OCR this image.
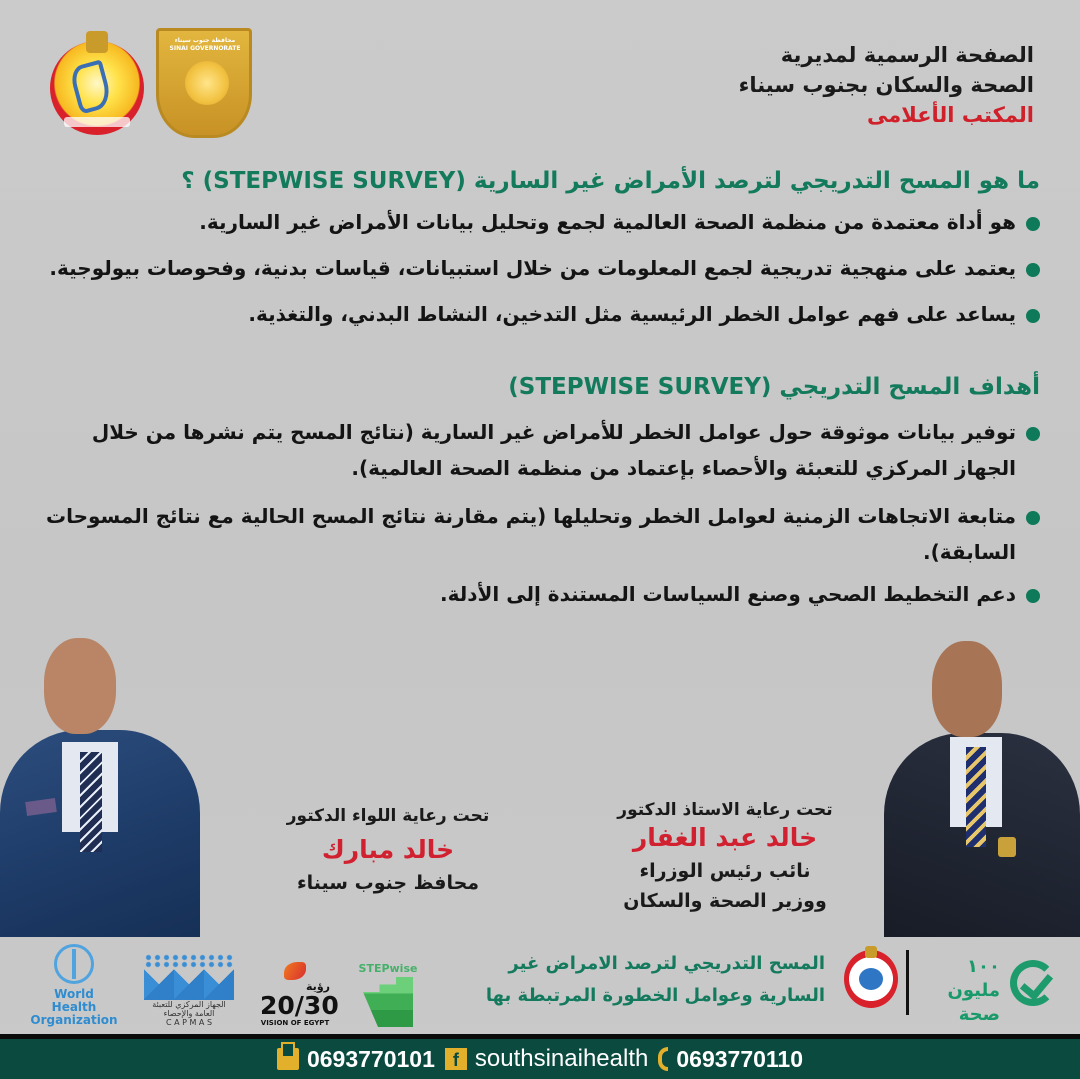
الصفحة الرسمية لمديرية
الصحة والسكان بجنوب سيناء
المكتب الأعلامى
محافظة جنوب سيناء SINAI GOVERNORATE
ما هو المسح التدريجي لترصد الأمراض غير السارية (STEPWISE SURVEY) ؟
هو أداة معتمدة من منظمة الصحة العالمية لجمع وتحليل بيانات الأمراض غير السارية.
يعتمد على منهجية تدريجية لجمع المعلومات من خلال استبيانات، قياسات بدنية، وفحوصات بيولوجية.
يساعد على فهم عوامل الخطر الرئيسية مثل التدخين، النشاط البدني، والتغذية.
أهداف المسح التدريجي (STEPWISE SURVEY)
توفير بيانات موثوقة حول عوامل الخطر للأمراض غير السارية (نتائج المسح يتم نشرها من خلال الجهاز المركزي للتعبئة والأحصاء بإعتماد من منظمة الصحة العالمية).
متابعة الاتجاهات الزمنية لعوامل الخطر وتحليلها (يتم مقارنة نتائج المسح الحالية مع نتائج المسوحات السابقة).
دعم التخطيط الصحي وصنع السياسات المستندة إلى الأدلة.
تحت رعاية اللواء الدكتور
خالد مبارك
محافظ جنوب سيناء
تحت رعاية الاستاذ الدكتور
خالد عبد الغفار
نائب رئيس الوزراء
ووزير الصحة والسكان
World Health
Organization
الجهاز المركزي للتعبئة العامة والإحصاء
C A P M A S
رؤية
20/30
VISION OF EGYPT
STEPwise	المسح التدريجي لترصد الامراض غير
السارية وعوامل الخطورة المرتبطة بها
١٠٠ مليون
صحة
0693770101	f southsinaihealth 0693770110
